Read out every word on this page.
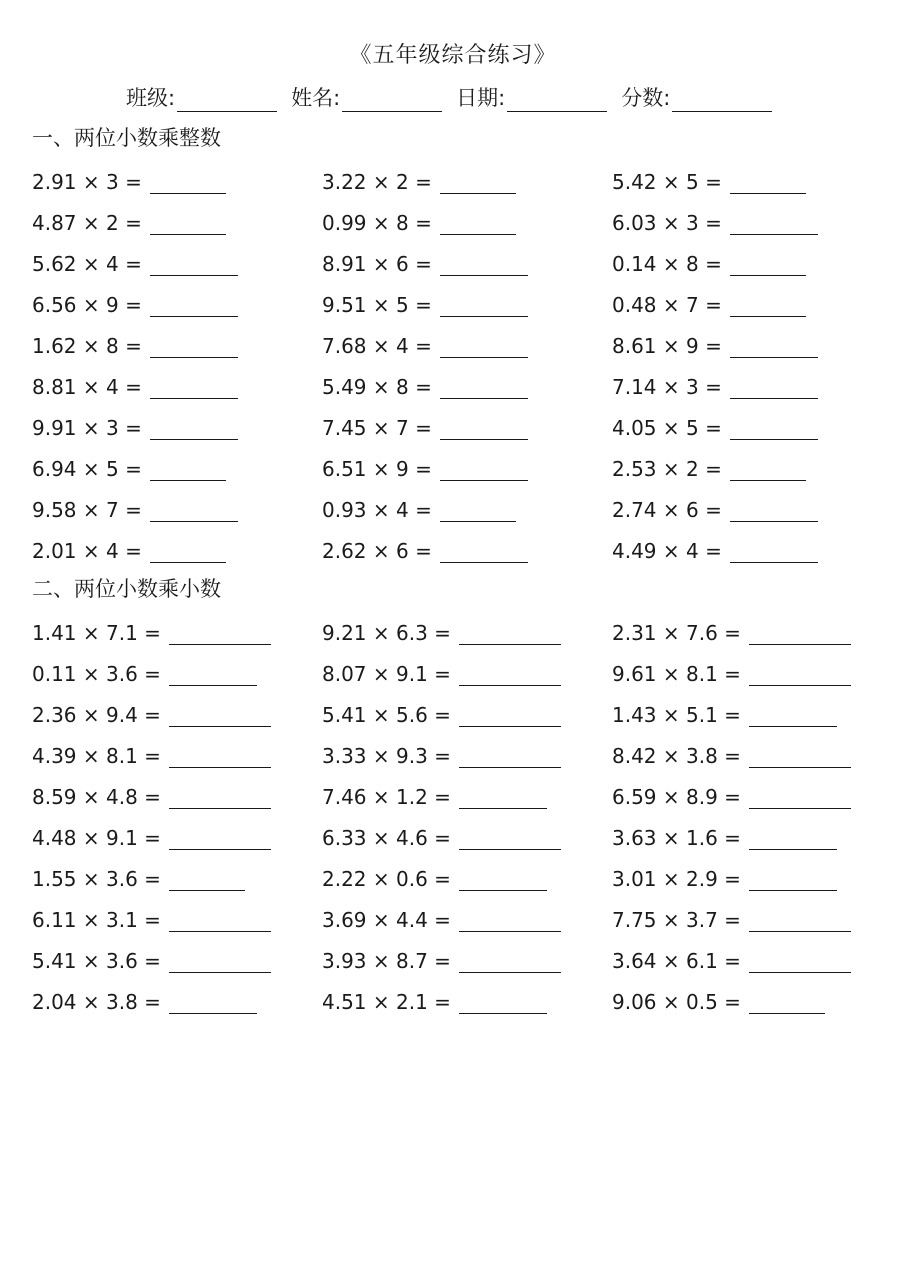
《五年级综合练习》
班级:	姓名:	日期:	分数:
一、两位小数乘整数
2.91 × 3 =	3.22 × 2 =	5.42 × 5 =
4.87 × 2 =	0.99 × 8 =	6.03 × 3 =
5.62 × 4 =	8.91 × 6 =	0.14 × 8 =
6.56 × 9 =	9.51 × 5 =	0.48 × 7 =
1.62 × 8 =	7.68 × 4 =	8.61 × 9 =
8.81 × 4 =	5.49 × 8 =	7.14 × 3 =
9.91 × 3 =	7.45 × 7 =	4.05 × 5 =
6.94 × 5 =	6.51 × 9 =	2.53 × 2 =
9.58 × 7 =	0.93 × 4 =	2.74 × 6 =
2.01 × 4 =	2.62 × 6 =	4.49 × 4 =
二、两位小数乘小数
1.41 × 7.1 =	9.21 × 6.3 =	2.31 × 7.6 =
0.11 × 3.6 =	8.07 × 9.1 =	9.61 × 8.1 =
2.36 × 9.4 =	5.41 × 5.6 =	1.43 × 5.1 =
4.39 × 8.1 =	3.33 × 9.3 =	8.42 × 3.8 =
8.59 × 4.8 =	7.46 × 1.2 =	6.59 × 8.9 =
4.48 × 9.1 =	6.33 × 4.6 =	3.63 × 1.6 =
1.55 × 3.6 =	2.22 × 0.6 =	3.01 × 2.9 =
6.11 × 3.1 =	3.69 × 4.4 =	7.75 × 3.7 =
5.41 × 3.6 =	3.93 × 8.7 =	3.64 × 6.1 =
2.04 × 3.8 =	4.51 × 2.1 =	9.06 × 0.5 =
